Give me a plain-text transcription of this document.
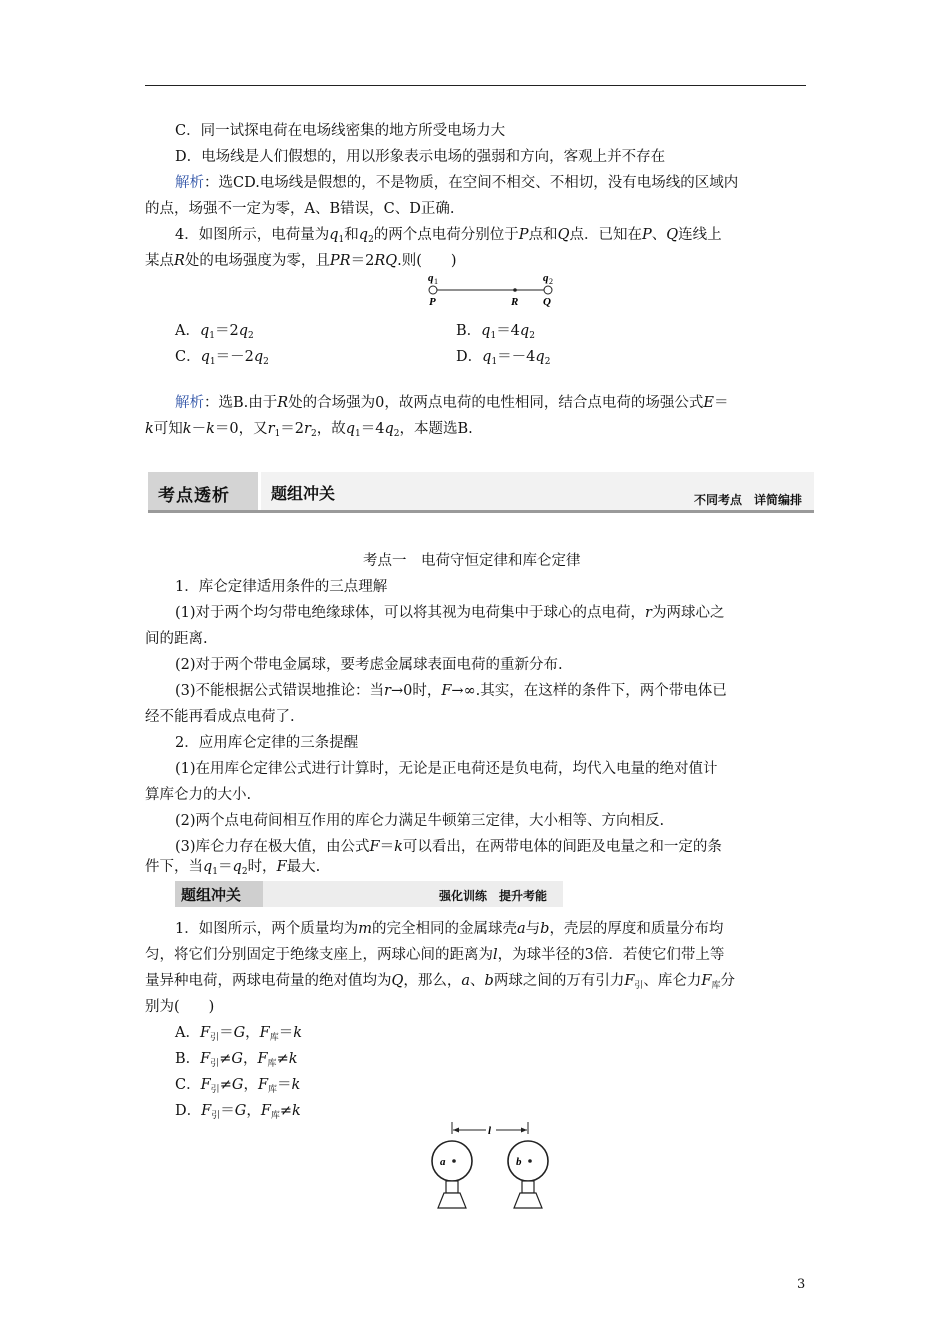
C．同一试探电荷在电场线密集的地方所受电场力大
D．电场线是人们假想的，用以形象表示电场的强弱和方向，客观上并不存在
解析：选CD.电场线是假想的，不是物质，在空间不相交、不相切，没有电场线的区域内
的点，场强不一定为零，A、B错误，C、D正确.
4．如图所示，电荷量为$q_1$和$q_2$的两个点电荷分别位于P点和Q点．已知在P、Q连线上
某点R处的电场强度为零，且PR＝2RQ.则(　　)
q 1	q 2
P	R Q
A．$q_1=2q_2$	B．$q_1=4q_2$
C．$q_1=-2q_2$	D．$q_1=-4q_2$
解析：选B.由于R处的合场强为0，故两点电荷的电性相同，结合点电荷的场强公式E＝
k可知k－k＝0，又$r_1=2r_2$，故$q_1=4q_2$，本题选B.
考点透析	题组冲关	不同考点　详简编排
考点一　电荷守恒定律和库仑定律
1．库仑定律适用条件的三点理解
(1)对于两个均匀带电绝缘球体，可以将其视为电荷集中于球心的点电荷，r为两球心之
间的距离.
(2)对于两个带电金属球，要考虑金属球表面电荷的重新分布.
(3)不能根据公式错误地推论：当r→0时，F→∞.其实，在这样的条件下，两个带电体已
经不能再看成点电荷了.
2．应用库仑定律的三条提醒
(1)在用库仑定律公式进行计算时，无论是正电荷还是负电荷，均代入电量的绝对值计
算库仑力的大小.
(2)两个点电荷间相互作用的库仑力满足牛顿第三定律，大小相等、方向相反.
(3)库仑力存在极大值，由公式F＝k可以看出，在两带电体的间距及电量之和一定的条
件下，当$q_1=q_2$时，F最大.
题组冲关	强化训练　提升考能
1．如图所示，两个质量均为m的完全相同的金属球壳a与b，壳层的厚度和质量分布均
匀，将它们分别固定于绝缘支座上，两球心间的距离为l，为球半径的3倍．若使它们带上等
量异种电荷，两球电荷量的绝对值均为Q，那么，a、b两球之间的万有引力$F_引$、库仑力$F_库$分
别为(　　)
A．$F_引=G$，$F_库=k$
B．$F_引\ne G$，$F_库\ne k$
C．$F_引\ne G$，$F_库=k$
D．$F_引=G$，$F_库\ne k$
l
a	b
3
